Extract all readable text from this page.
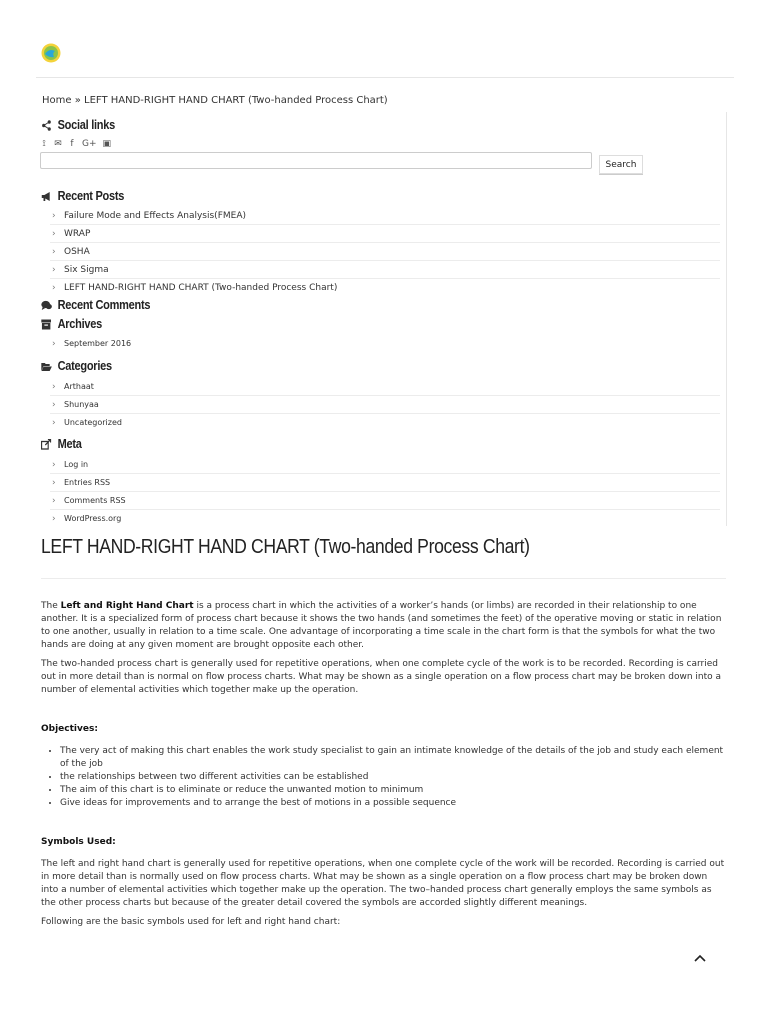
Home » LEFT HAND-RIGHT HAND CHART (Two-handed Process Chart)
Social links
⟟ ✉ f G+ ▣
Search
Recent Posts
› Failure Mode and Effects Analysis(FMEA)
› WRAP
› OSHA
› Six Sigma
› LEFT HAND-RIGHT HAND CHART (Two-handed Process Chart)
Recent Comments
Archives
› September 2016
Categories
› Arthaat
› Shunyaa
› Uncategorized
Meta
› Log in
› Entries RSS
› Comments RSS
› WordPress.org
LEFT HAND-RIGHT HAND CHART (Two-handed Process Chart)

The Left and Right Hand Chart is a process chart in which the activities of a worker’s hands (or limbs) are recorded in their relationship to one another. It is a specialized form of process chart because it shows the two hands (and sometimes the feet) of the operative moving or static in relation to one another, usually in relation to a time scale. One advantage of incorporating a time scale in the chart form is that the symbols for what the two hands are doing at any given moment are brought opposite each other.

The two-handed process chart is generally used for repetitive operations, when one complete cycle of the work is to be recorded. Recording is carried out in more detail than is normal on flow process charts. What may be shown as a single operation on a flow process chart may be broken down into a number of elemental activities which together make up the operation.

Objectives:
• The very act of making this chart enables the work study specialist to gain an intimate knowledge of the details of the job and study each element of the job
• the relationships between two different activities can be established
• The aim of this chart is to eliminate or reduce the unwanted motion to minimum
• Give ideas for improvements and to arrange the best of motions in a possible sequence
Symbols Used:

The left and right hand chart is generally used for repetitive operations, when one complete cycle of the work will be recorded. Recording is carried out in more detail than is normally used on flow process charts. What may be shown as a single operation on a flow process chart may be broken down into a number of elemental activities which together make up the operation. The two–handed process chart generally employs the same symbols as the other process charts but because of the greater detail covered the symbols are accorded slightly different meanings.

Following are the basic symbols used for left and right hand chart:
